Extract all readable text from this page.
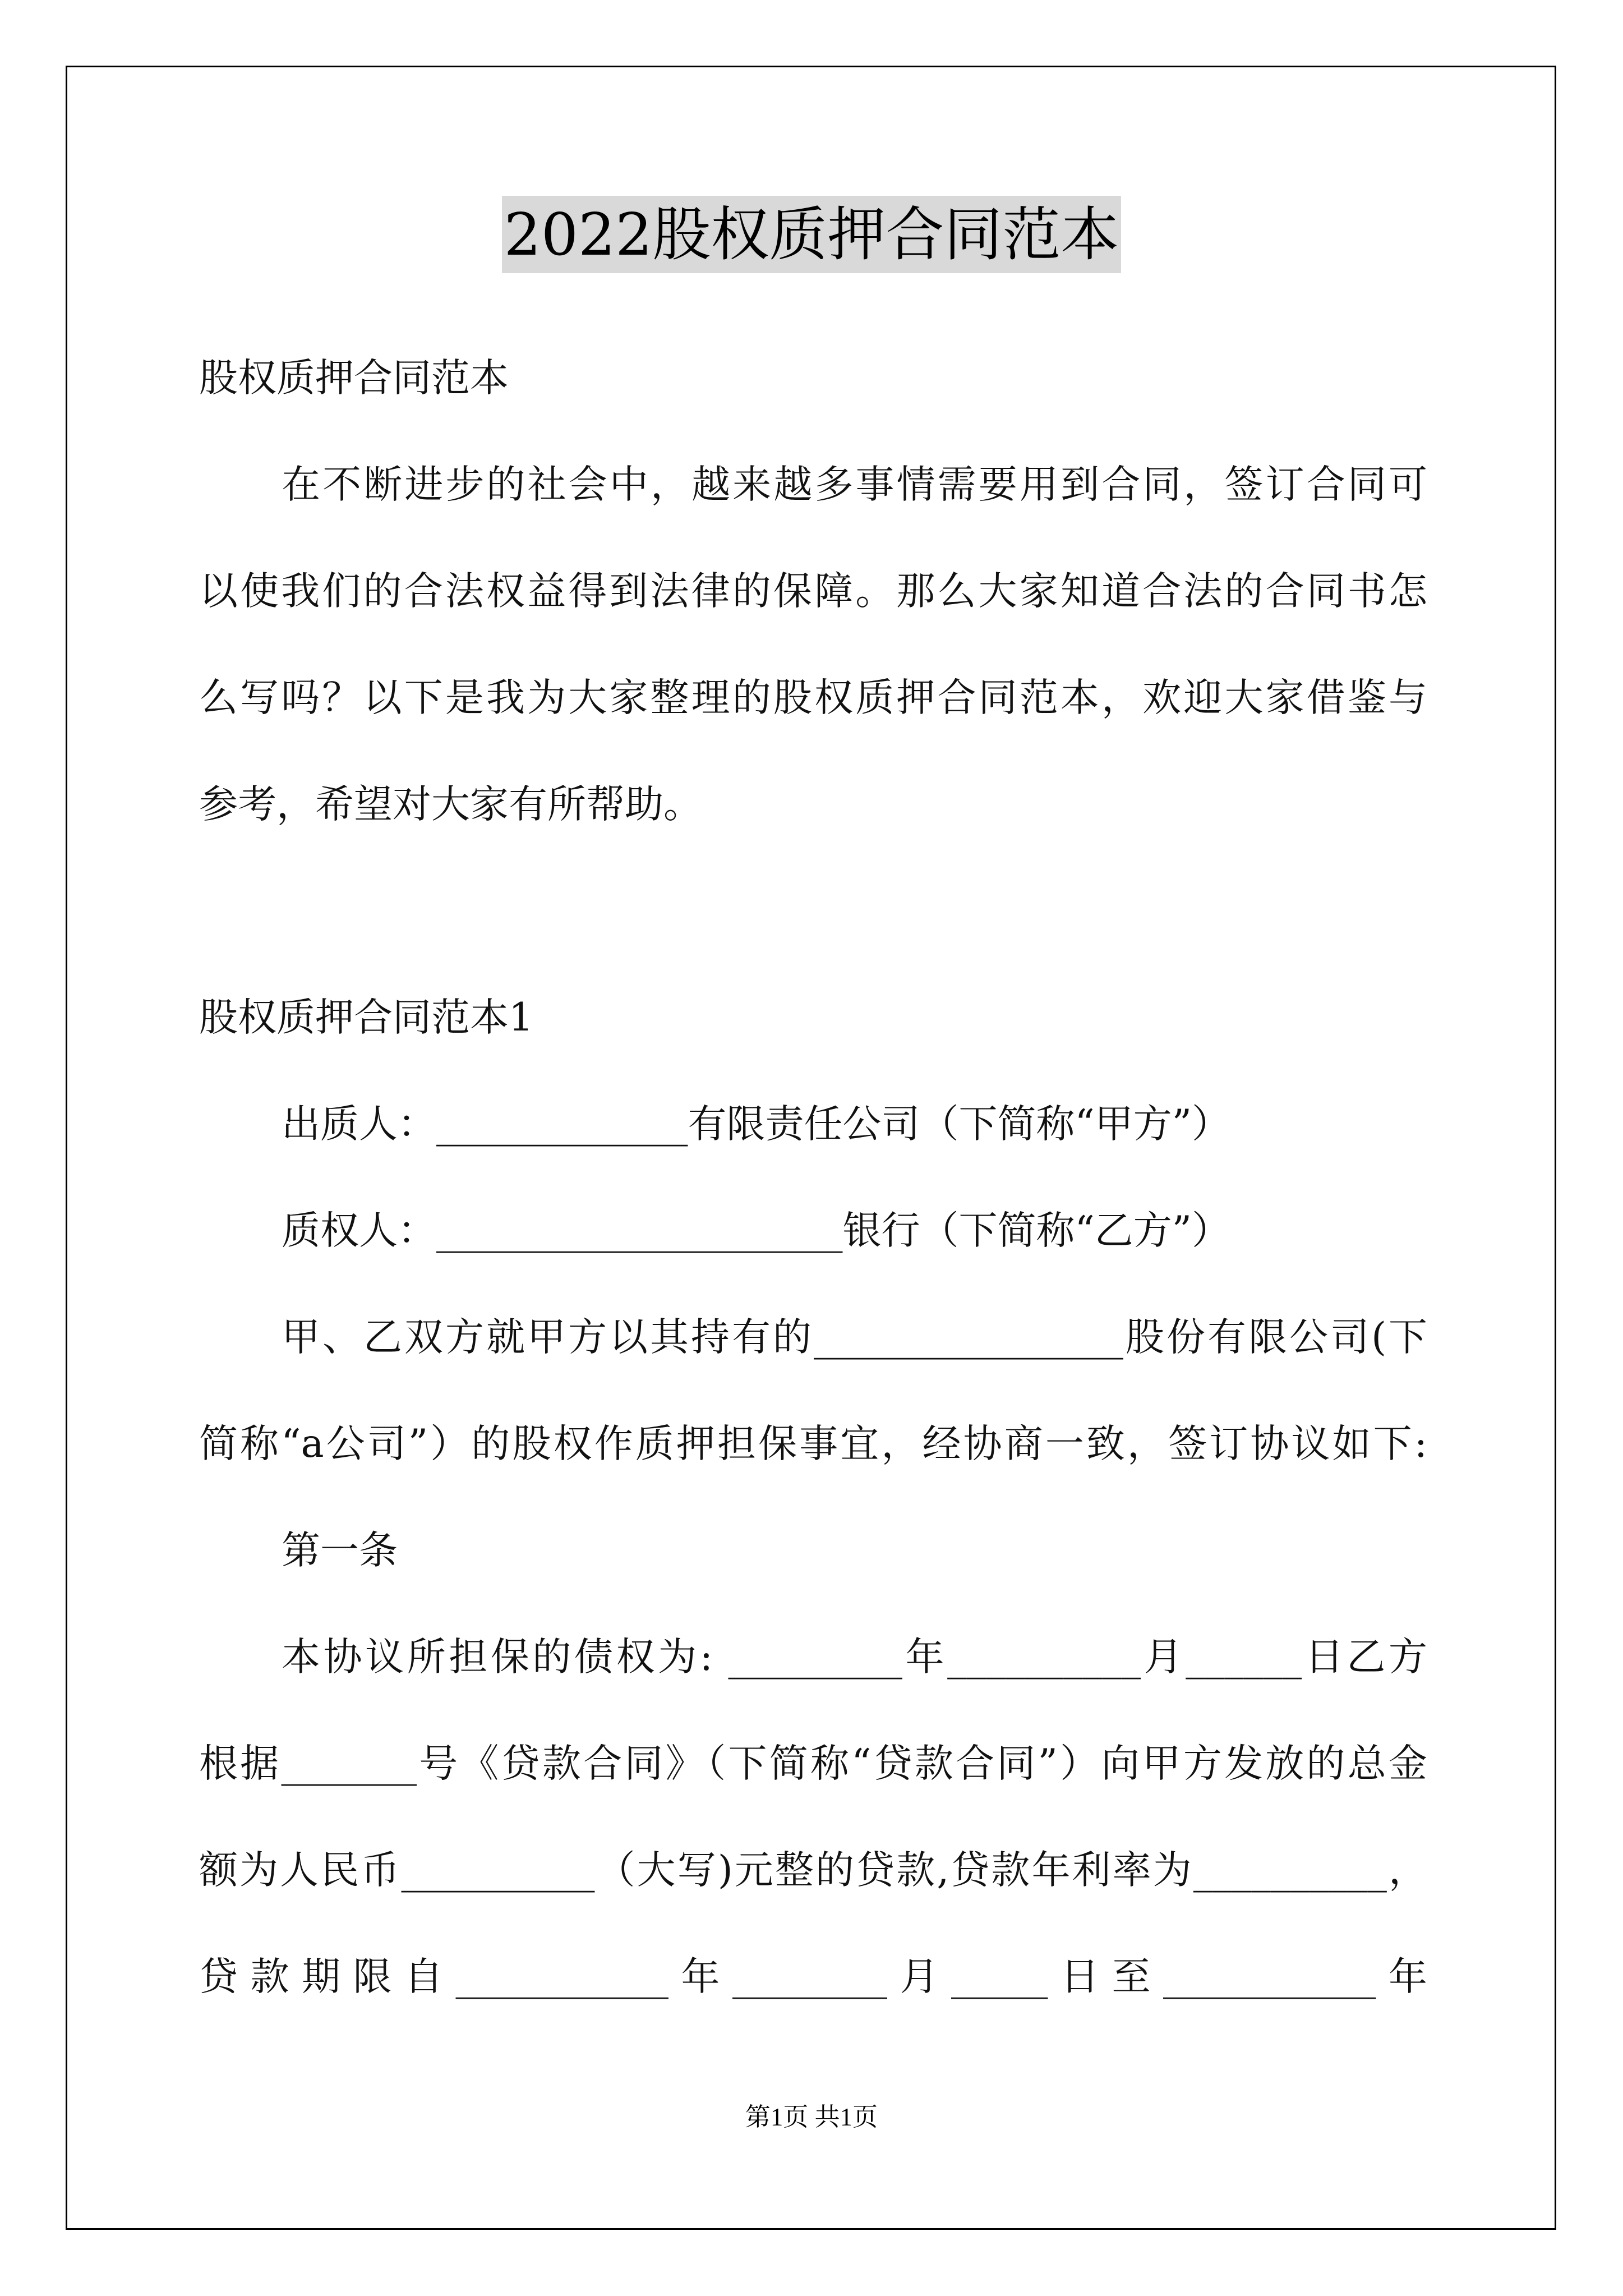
2022股权质押合同范本
股权质押合同范本
在不断进步的社会中，越来越多事情需要用到合同，签订合同可
以使我们的合法权益得到法律的保障。那么大家知道合法的合同书怎
么写吗？以下是我为大家整理的股权质押合同范本，欢迎大家借鉴与
参考，希望对大家有所帮助。
股权质押合同范本1
出质人：_____________有限责任公司（下简称“甲方”）
质权人：_____________________银行（下简称“乙方”）
甲、乙双方就甲方以其持有的________________股份有限公司(下
简称“a公司”）的股权作质押担保事宜，经协商一致，签订协议如下:
第一条
本协议所担保的债权为: _________年__________月______日乙方
根据_______号《贷款合同》（下简称“贷款合同”）向甲方发放的总金
额为人民币__________（大写)元整的贷款,贷款年利率为__________，
贷款期限自___________年________月_____日至___________年
第1页 共1页
